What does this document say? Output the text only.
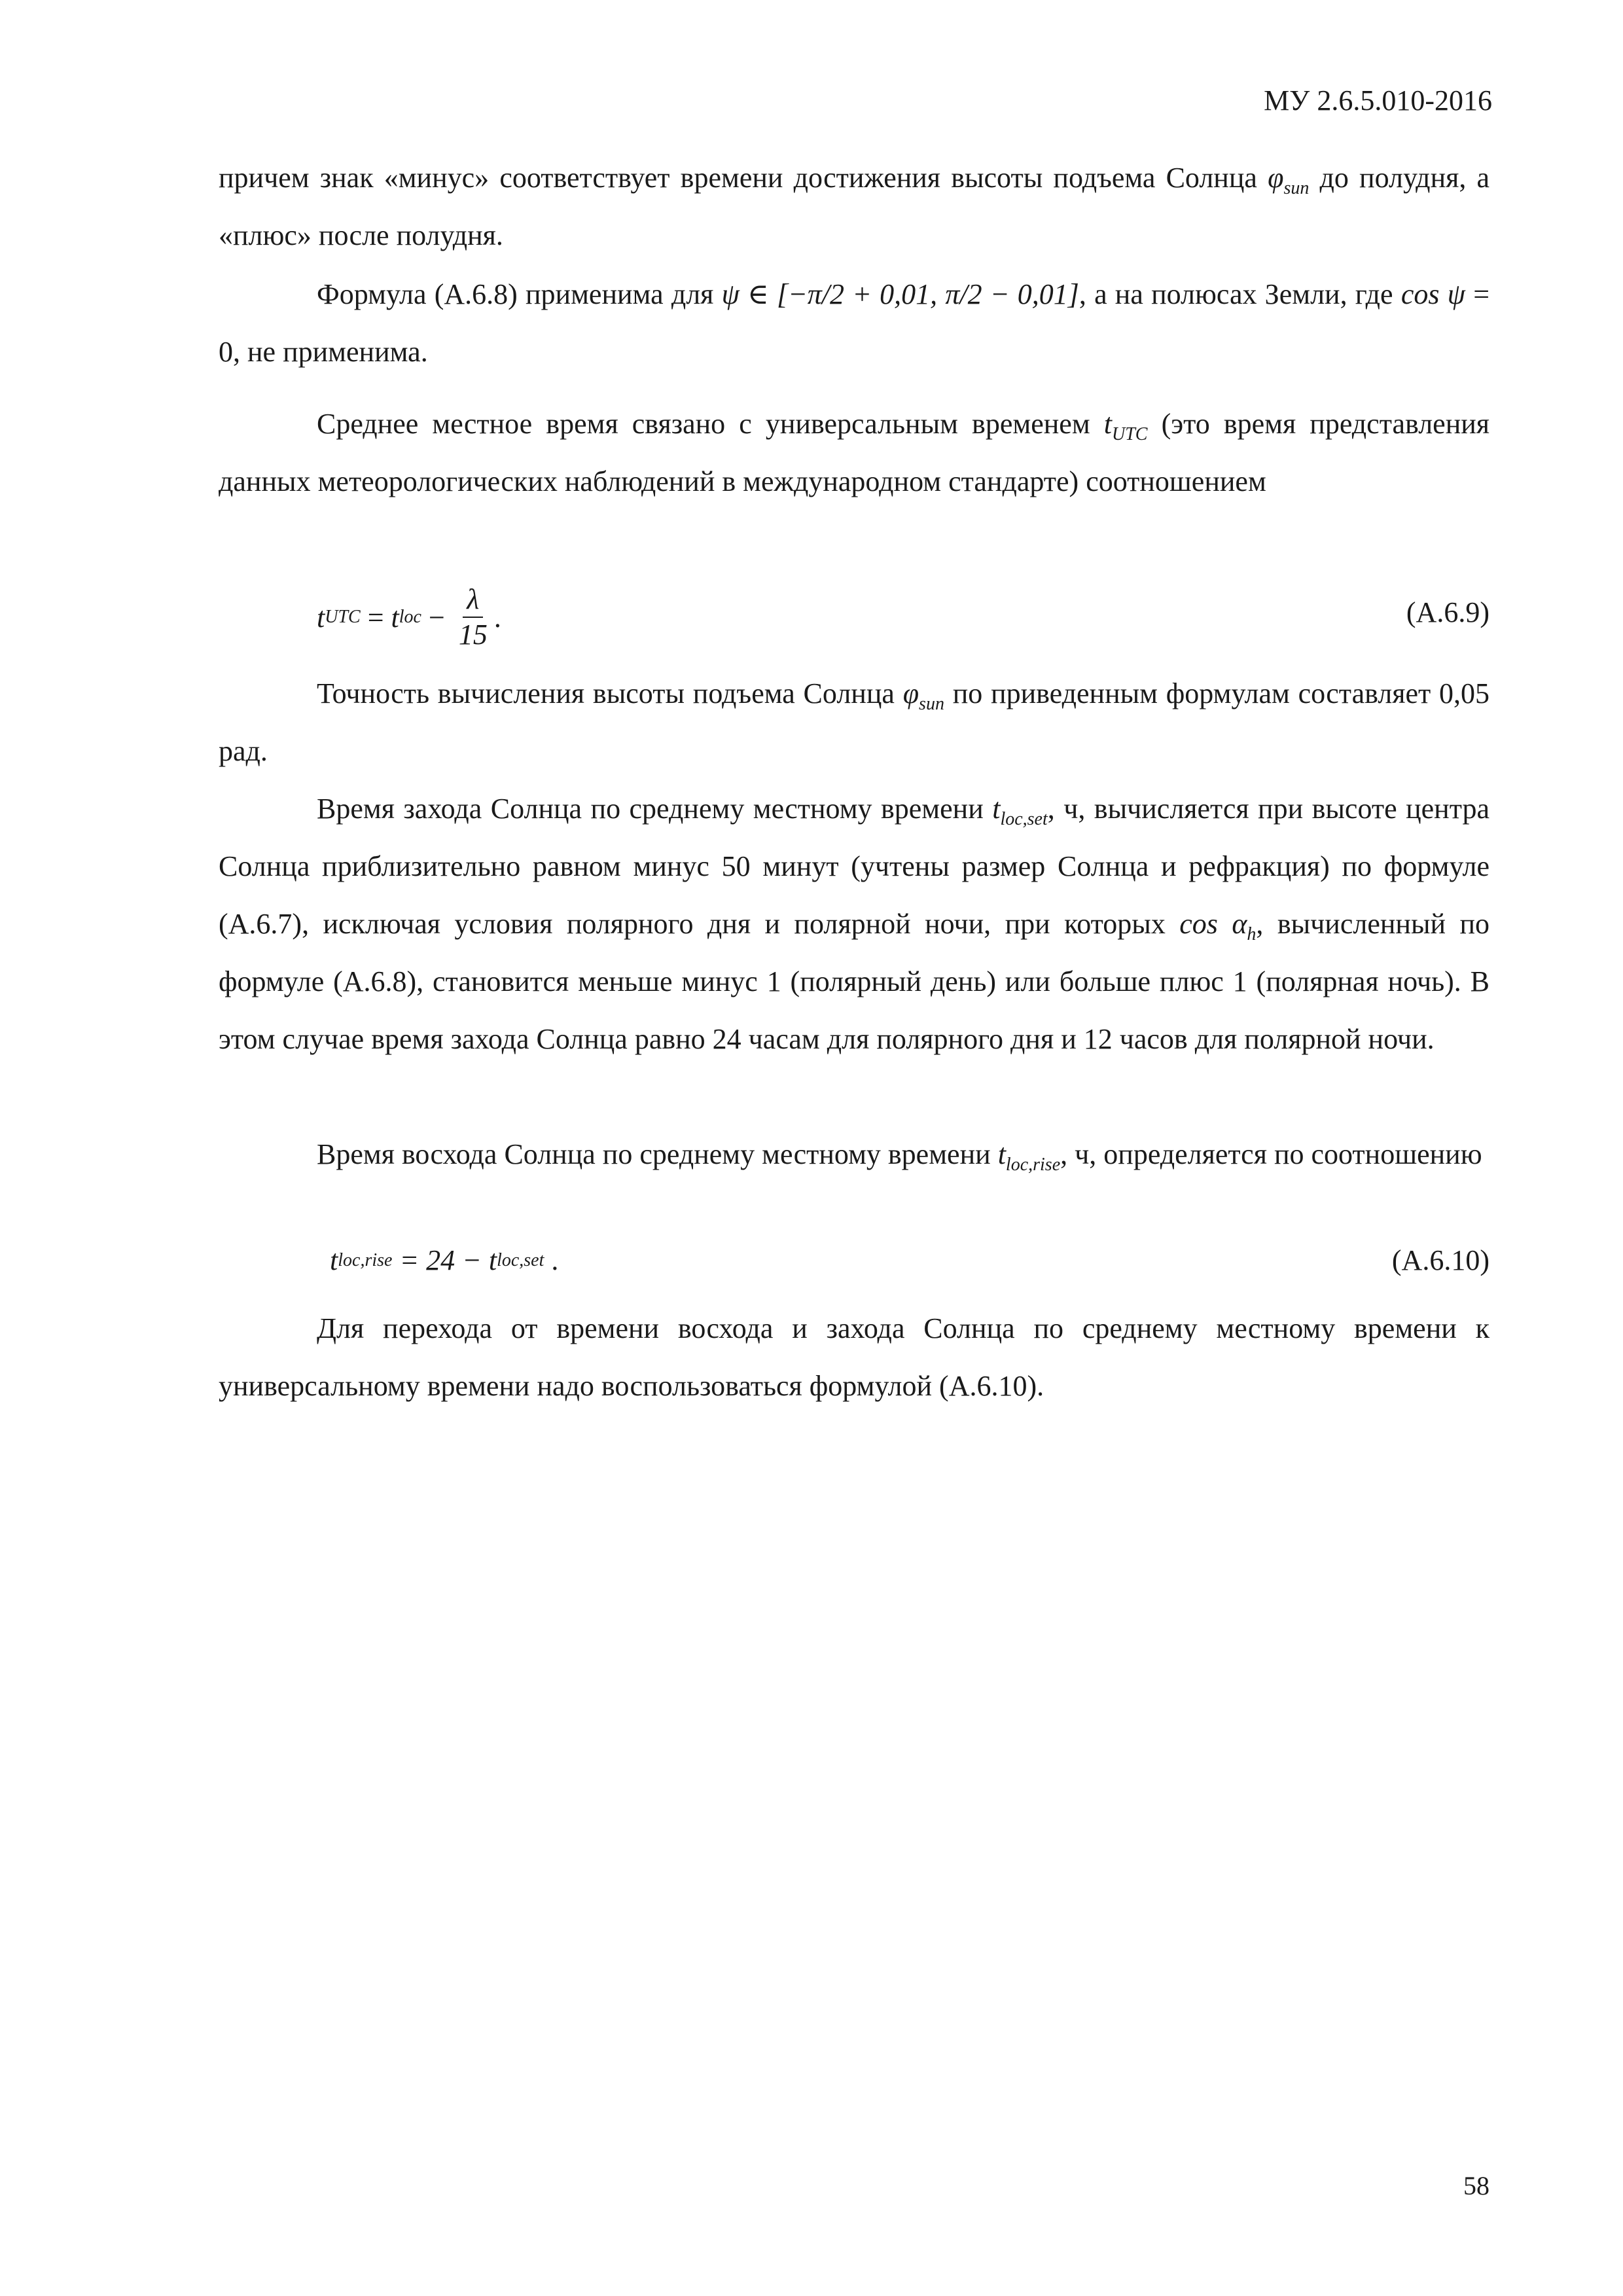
МУ 2.6.5.010-2016

причем знак «минус» соответствует времени достижения высоты подъема Солнца $\varphi_{sun}$ до полудня, а «плюс» после полудня.

Формула (А.6.8) применима для ψ ∈ [−π/2 + 0,01, π/2 − 0,01], а на полюсах Земли, где cos ψ = 0, не применима.

Среднее местное время связано с универсальным временем $t_{UTC}$ (это время представления данных метеорологических наблюдений в международном стандарте) соотношением

t UTC = t loc − $\frac{\lambda}{15}$ .	(А.6.9)

Точность вычисления высоты подъема Солнца $\varphi_{sun}$ по приведенным формулам составляет 0,05 рад.

Время захода Солнца по среднему местному времени $t_{loc,set}$, ч, вычисляется при высоте центра Солнца приблизительно равном минус 50 минут (учтены размер Солнца и рефракция) по формуле (А.6.7), исключая условия полярного дня и полярной ночи, при которых $\cos \alpha_h$, вычисленный по формуле (А.6.8), становится меньше минус 1 (полярный день) или больше плюс 1 (полярная ночь). В этом случае время захода Солнца равно 24 часам для полярного дня и 12 часов для полярной ночи.

Время восхода Солнца по среднему местному времени $t_{loc,rise}$, ч, определяется по соотношению

t loc,rise = 24 − t loc,set .	(А.6.10)

Для перехода от времени восхода и захода Солнца по среднему местному времени к универсальному времени надо воспользоваться формулой (А.6.10).

58
